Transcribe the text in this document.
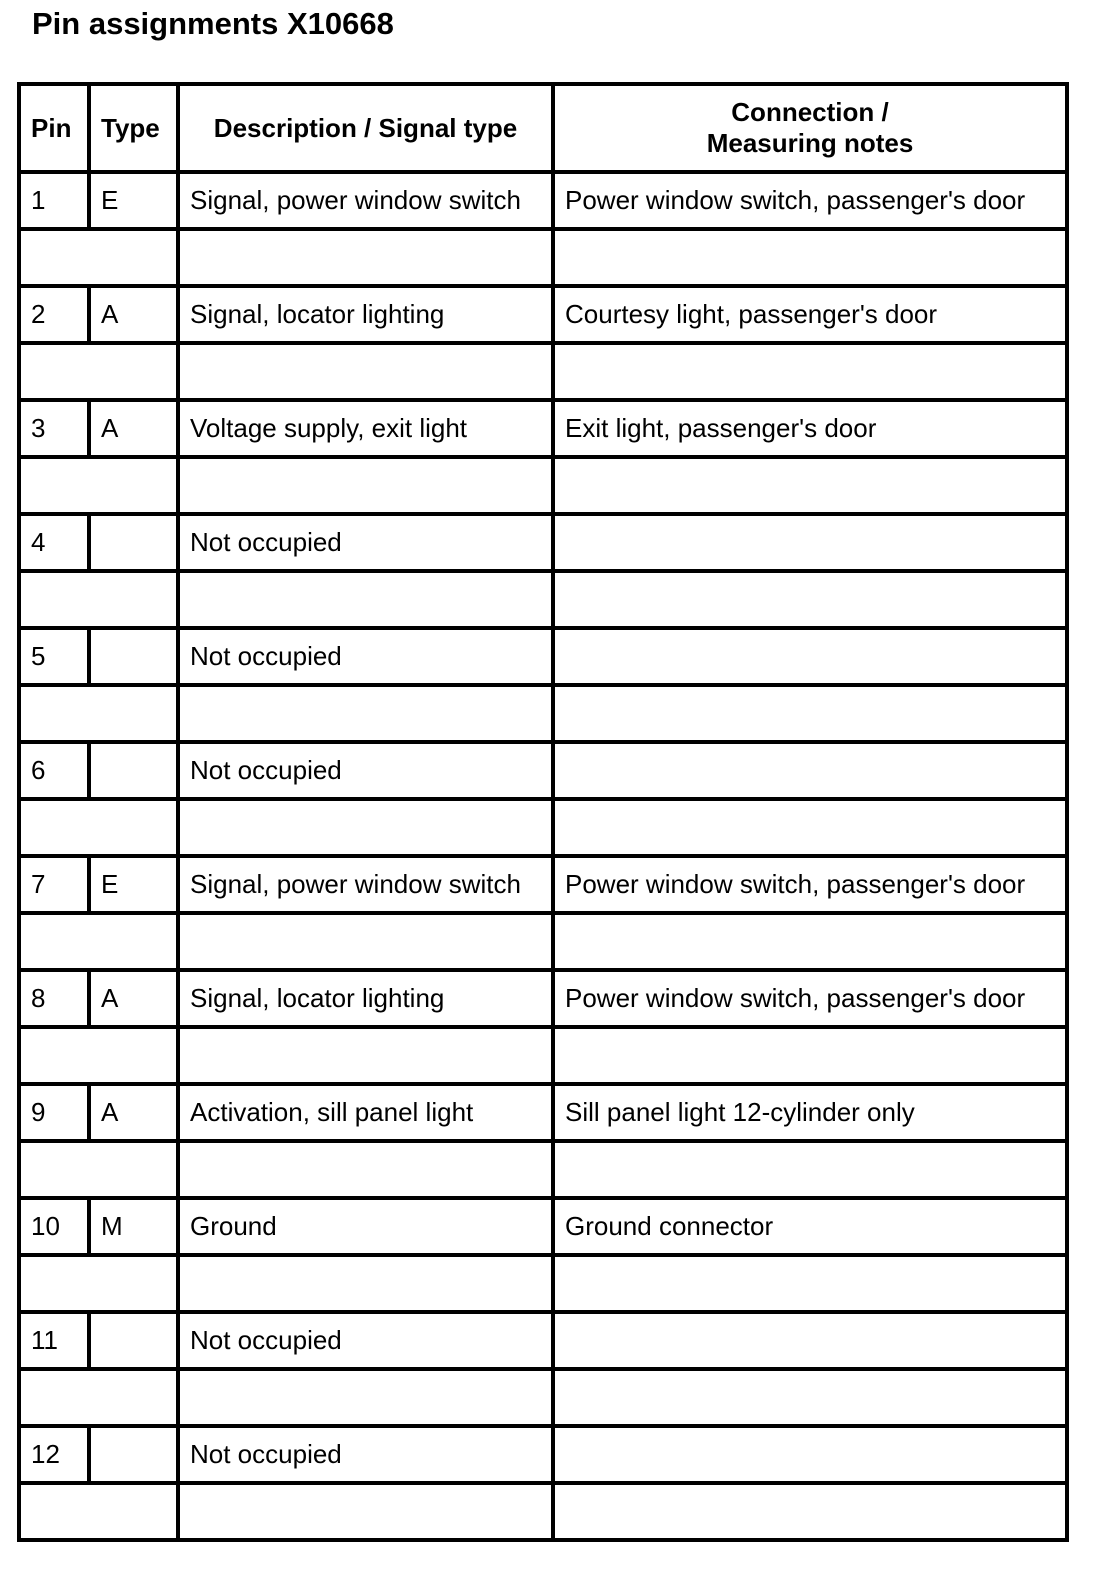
Pin assignments X10668
Pin	Type	Description / Signal type	Connection /
Measuring notes
1	E	Signal, power window switch	Power window switch, passenger's door

2	A	Signal, locator lighting	Courtesy light, passenger's door

3	A	Voltage supply, exit light	Exit light, passenger's door

4		Not occupied	

5		Not occupied	

6		Not occupied	

7	E	Signal, power window switch	Power window switch, passenger's door

8	A	Signal, locator lighting	Power window switch, passenger's door

9	A	Activation, sill panel light	Sill panel light 12-cylinder only

10	M	Ground	Ground connector

11		Not occupied	

12		Not occupied	
